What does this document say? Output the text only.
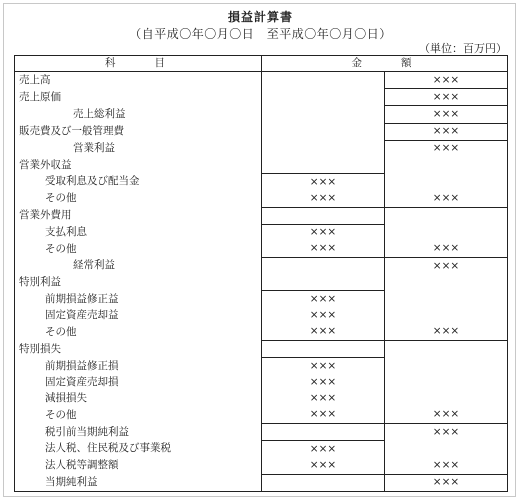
損益計算書
（自平成〇年〇月〇日　至平成〇年〇月〇日）
（単位：百万円）
科　　目	金　　額	
売上高		×××
売上原価		×××
売上総利益		×××
販売費及び一般管理費		×××
営業利益		×××
営業外収益		
受取利息及び配当金	×××	
その他	×××	×××
営業外費用		
支払利息	×××	
その他	×××	×××
経常利益		×××
特別利益		
前期損益修正益	×××	
固定資産売却益	×××	
その他	×××	×××
特別損失		
前期損益修正損	×××	
固定資産売却損	×××	
減損損失	×××	
その他	×××	×××
税引前当期純利益		×××
法人税、住民税及び事業税	×××	
法人税等調整額	×××	×××
当期純利益		×××
